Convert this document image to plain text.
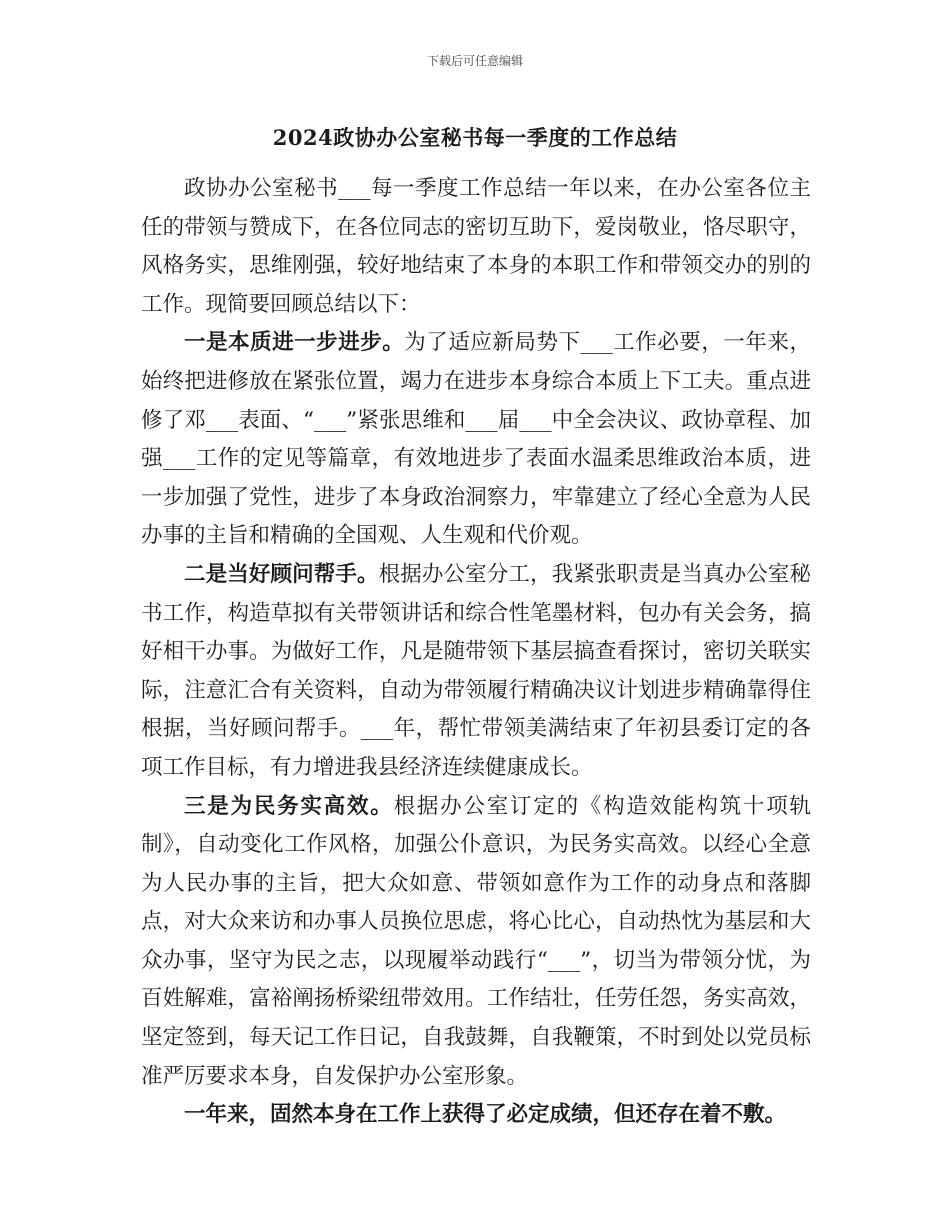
下载后可任意编辑
2024政协办公室秘书每一季度的工作总结

政协办公室秘书___每一季度工作总结一年以来，在办公室各位主任的带领与赞成下，在各位同志的密切互助下，爱岗敬业，恪尽职守，风格务实，思维刚强，较好地结束了本身的本职工作和带领交办的别的工作。现简要回顾总结以下：

一是本质进一步进步。为了适应新局势下___工作必要，一年来，始终把进修放在紧张位置，竭力在进步本身综合本质上下工夫。重点进修了邓___表面、“___”紧张思维和___届___中全会决议、政协章程、加强___工作的定见等篇章，有效地进步了表面水温柔思维政治本质，进一步加强了党性，进步了本身政治洞察力，牢靠建立了经心全意为人民办事的主旨和精确的全国观、人生观和代价观。

二是当好顾问帮手。根据办公室分工，我紧张职责是当真办公室秘书工作，构造草拟有关带领讲话和综合性笔墨材料，包办有关会务，搞好相干办事。为做好工作，凡是随带领下基层搞查看探讨，密切关联实际，注意汇合有关资料，自动为带领履行精确决议计划进步精确靠得住根据，当好顾问帮手。___年，帮忙带领美满结束了年初县委订定的各项工作目标，有力增进我县经济连续健康成长。

三是为民务实高效。根据办公室订定的《构造效能构筑十项轨制》，自动变化工作风格，加强公仆意识，为民务实高效。以经心全意为人民办事的主旨，把大众如意、带领如意作为工作的动身点和落脚点，对大众来访和办事人员换位思虑，将心比心，自动热忱为基层和大众办事，坚守为民之志，以现履举动践行“___”，切当为带领分忧，为百姓解难，富裕阐扬桥梁纽带效用。工作结壮，任劳任怨，务实高效，坚定签到，每天记工作日记，自我鼓舞，自我鞭策，不时到处以党员标准严厉要求本身，自发保护办公室形象。

一年来，固然本身在工作上获得了必定成绩，但还存在着不敷。
